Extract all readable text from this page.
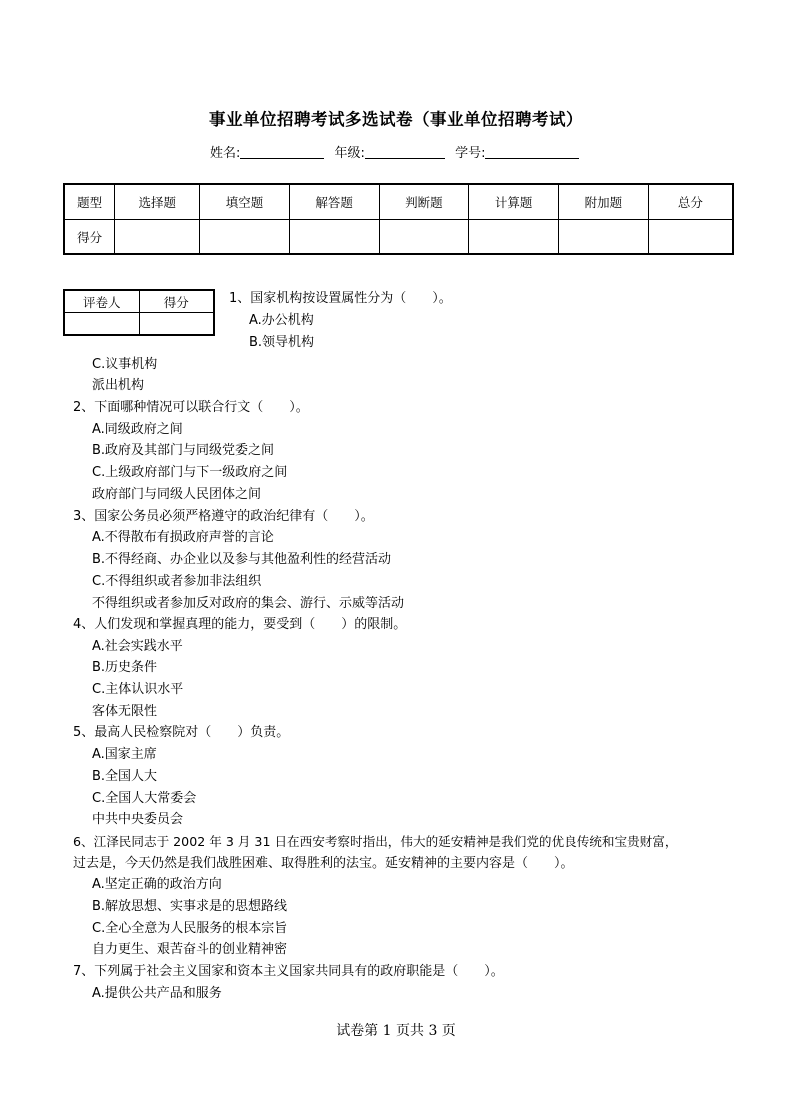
事业单位招聘考试多选试卷（事业单位招聘考试）
姓名:	年级:	学号:
题型	选择题	填空题	解答题	判断题	计算题	附加题	总分
得分							
评卷人	得分
		1、国家机构按设置属性分为（　　）。
A.办公机构
B.领导机构
C.议事机构
派出机构
2、下面哪种情况可以联合行文（　　）。
A.同级政府之间
B.政府及其部门与同级党委之间
C.上级政府部门与下一级政府之间
政府部门与同级人民团体之间
3、国家公务员必须严格遵守的政治纪律有（　　）。
A.不得散布有损政府声誉的言论
B.不得经商、办企业以及参与其他盈利性的经营活动
C.不得组织或者参加非法组织
不得组织或者参加反对政府的集会、游行、示威等活动
4、人们发现和掌握真理的能力，要受到（　　）的限制。
A.社会实践水平
B.历史条件
C.主体认识水平
客体无限性
5、最高人民检察院对（　　）负责。
A.国家主席
B.全国人大
C.全国人大常委会
中共中央委员会
6、江泽民同志于 2002 年 3 月 31 日在西安考察时指出，伟大的延安精神是我们党的优良传统和宝贵财富，
过去是，今天仍然是我们战胜困难、取得胜利的法宝。延安精神的主要内容是（　　）。
A.坚定正确的政治方向
B.解放思想、实事求是的思想路线
C.全心全意为人民服务的根本宗旨
自力更生、艰苦奋斗的创业精神密
7、下列属于社会主义国家和资本主义国家共同具有的政府职能是（　　）。
A.提供公共产品和服务
试卷第 1 页共 3 页
